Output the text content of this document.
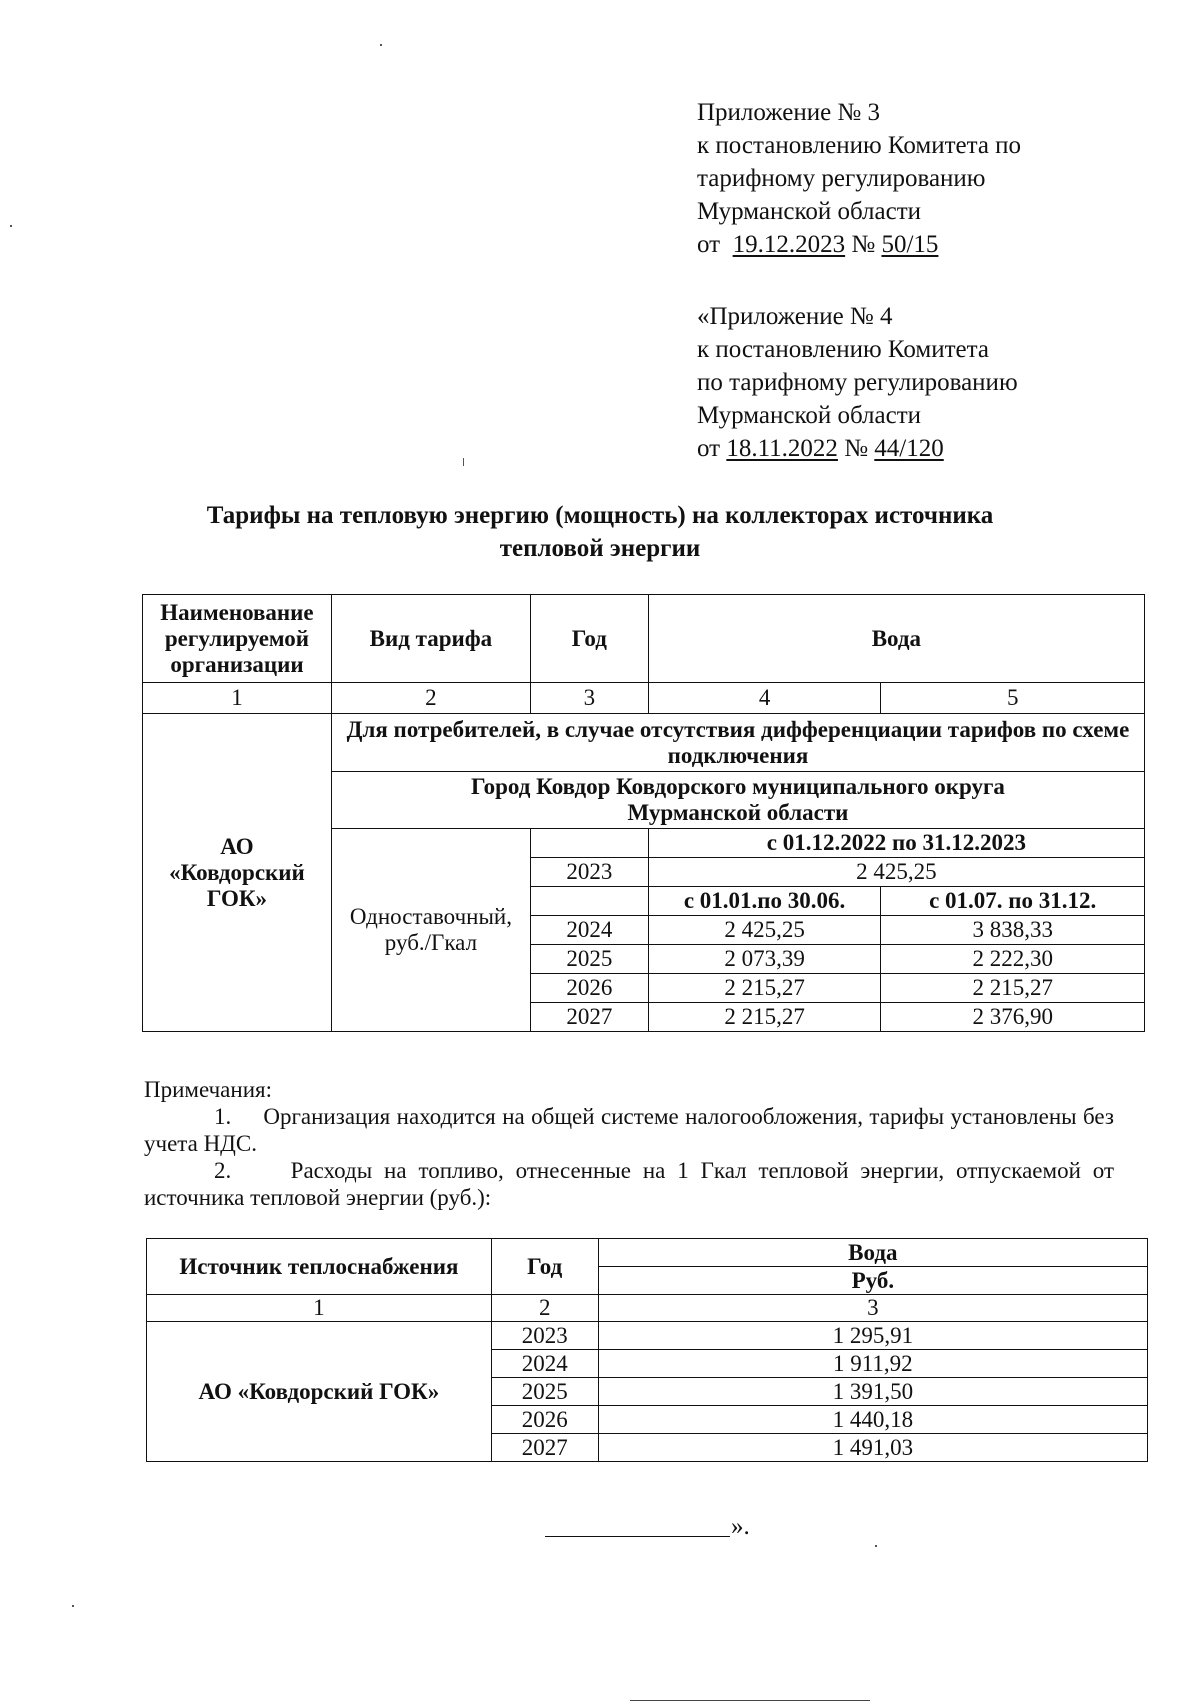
Приложение № 3
к постановлению Комитета по
тарифному регулированию
Мурманской области
от 19.12.2023 № 50/15
«Приложение № 4
к постановлению Комитета
по тарифному регулированию
Мурманской области
от 18.11.2022 № 44/120
Тарифы на тепловую энергию (мощность) на коллекторах источника
тепловой энергии
Наименование регулируемой организации	Вид тарифа	Год	Вода	
1	2	3	4	5
АО «Ковдорский ГОК»	Для потребителей, в случае отсутствия дифференциации тарифов по схеме подключения			
	Город Ковдор Ковдорского муниципального округа Мурманской области			
	Одноставочный, руб./Гкал		с 01.12.2022 по 31.12.2023	
		2023	2 425,25	
			с 01.01.по 30.06.	с 01.07. по 31.12.
		2024	2 425,25	3 838,33
		2025	2 073,39	2 222,30
		2026	2 215,27	2 215,27
		2027	2 215,27	2 376,90
Примечания:
1. Организация находится на общей системе налогообложения, тарифы установлены без учета НДС.
2.	Расходы на топливо, отнесенные на 1 Гкал тепловой энергии, отпускаемой от источника тепловой энергии (руб.):
Источник теплоснабжения	Год	Вода
		Руб.
1	2	3
АО «Ковдорский ГОК»	2023	1 295,91
	2024	1 911,92
	2025	1 391,50
	2026	1 440,18
	2027	1 491,03
».
